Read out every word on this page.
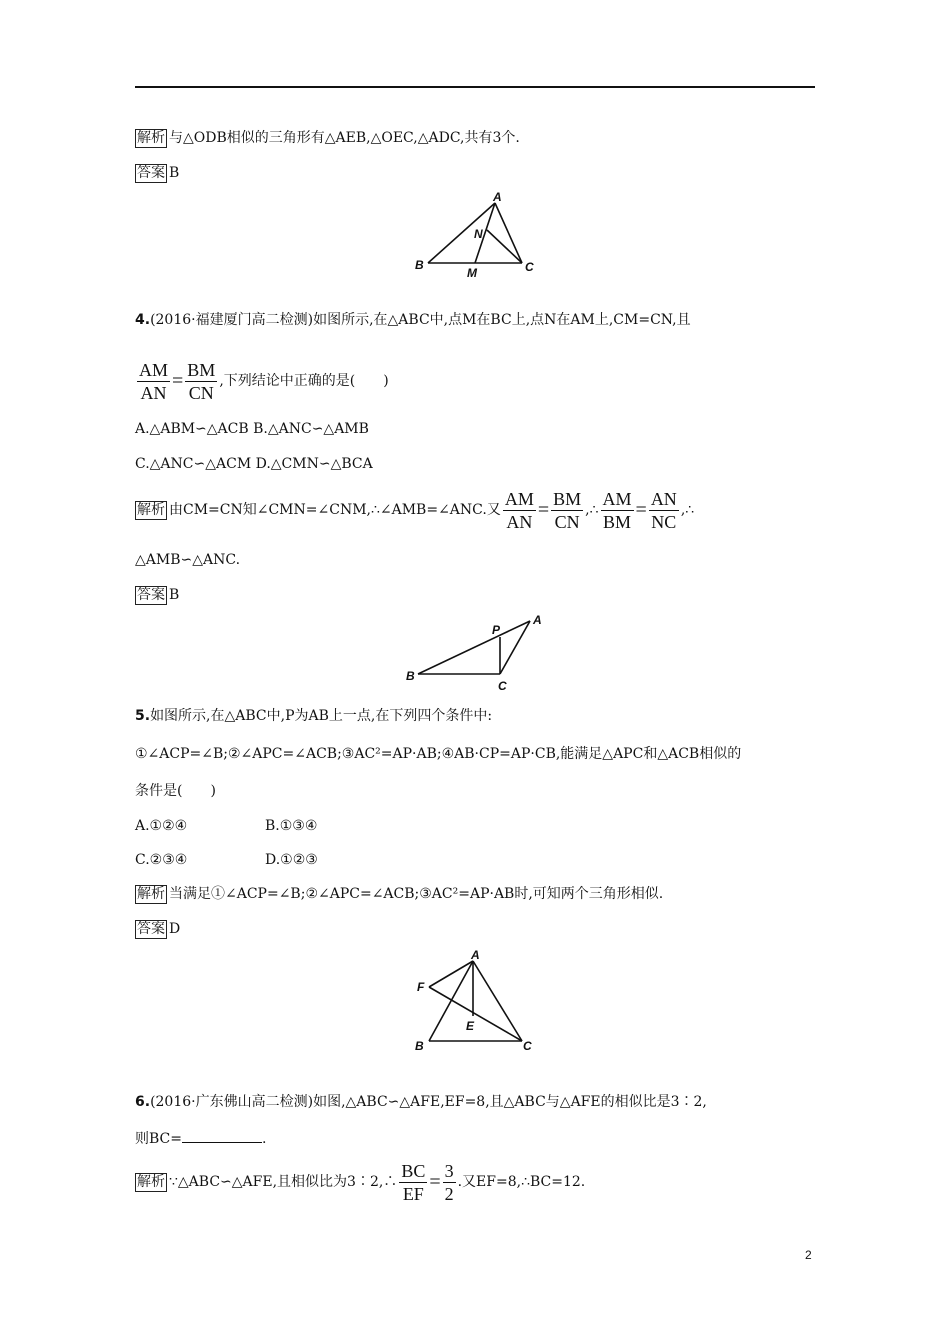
解析 与△ODB相似的三角形有△AEB,△OEC,△ADC,共有3个.
答案 B
A
B	C
M
N
4.(2016·福建厦门高二检测)如图所示,在△ABC中,点M在BC上,点N在AM上,CM=CN,且
$\frac{AM}{AN} = \frac{BM}{CN}$ ,下列结论中正确的是(　　)
A.△ABM∽△ACB B.△ANC∽△AMB
C.△ANC∽△ACM D.△CMN∽△BCA
解析 由CM=CN知∠CMN=∠CNM,∴∠AMB=∠ANC.又 $\frac{AM}{AN} = \frac{BM}{CN}$ ,∴ $\frac{AM}{BM} = \frac{AN}{NC}$ ,∴
△AMB∽△ANC.
答案 B
A
B
C
P
5.如图所示,在△ABC中,P为AB上一点,在下列四个条件中:
①∠ACP=∠B;②∠APC=∠ACB;③AC²=AP·AB;④AB·CP=AP·CB,能满足△APC和△ACB相似的
条件是(　　)
A.①②④	B.①③④
C.②③④	D.①②③
解析 当满足①∠ACP=∠B;②∠APC=∠ACB;③AC²=AP·AB时,可知两个三角形相似.
答案 D
A
B	C
E
F
6.(2016·广东佛山高二检测)如图,△ABC∽△AFE,EF=8,且△ABC与△AFE的相似比是3∶2,
则BC=	.
解析 ∵△ABC∽△AFE,且相似比为3∶2,∴ $\frac{BC}{EF} = \frac{3}{2}$ .又EF=8,∴BC=12.
2
